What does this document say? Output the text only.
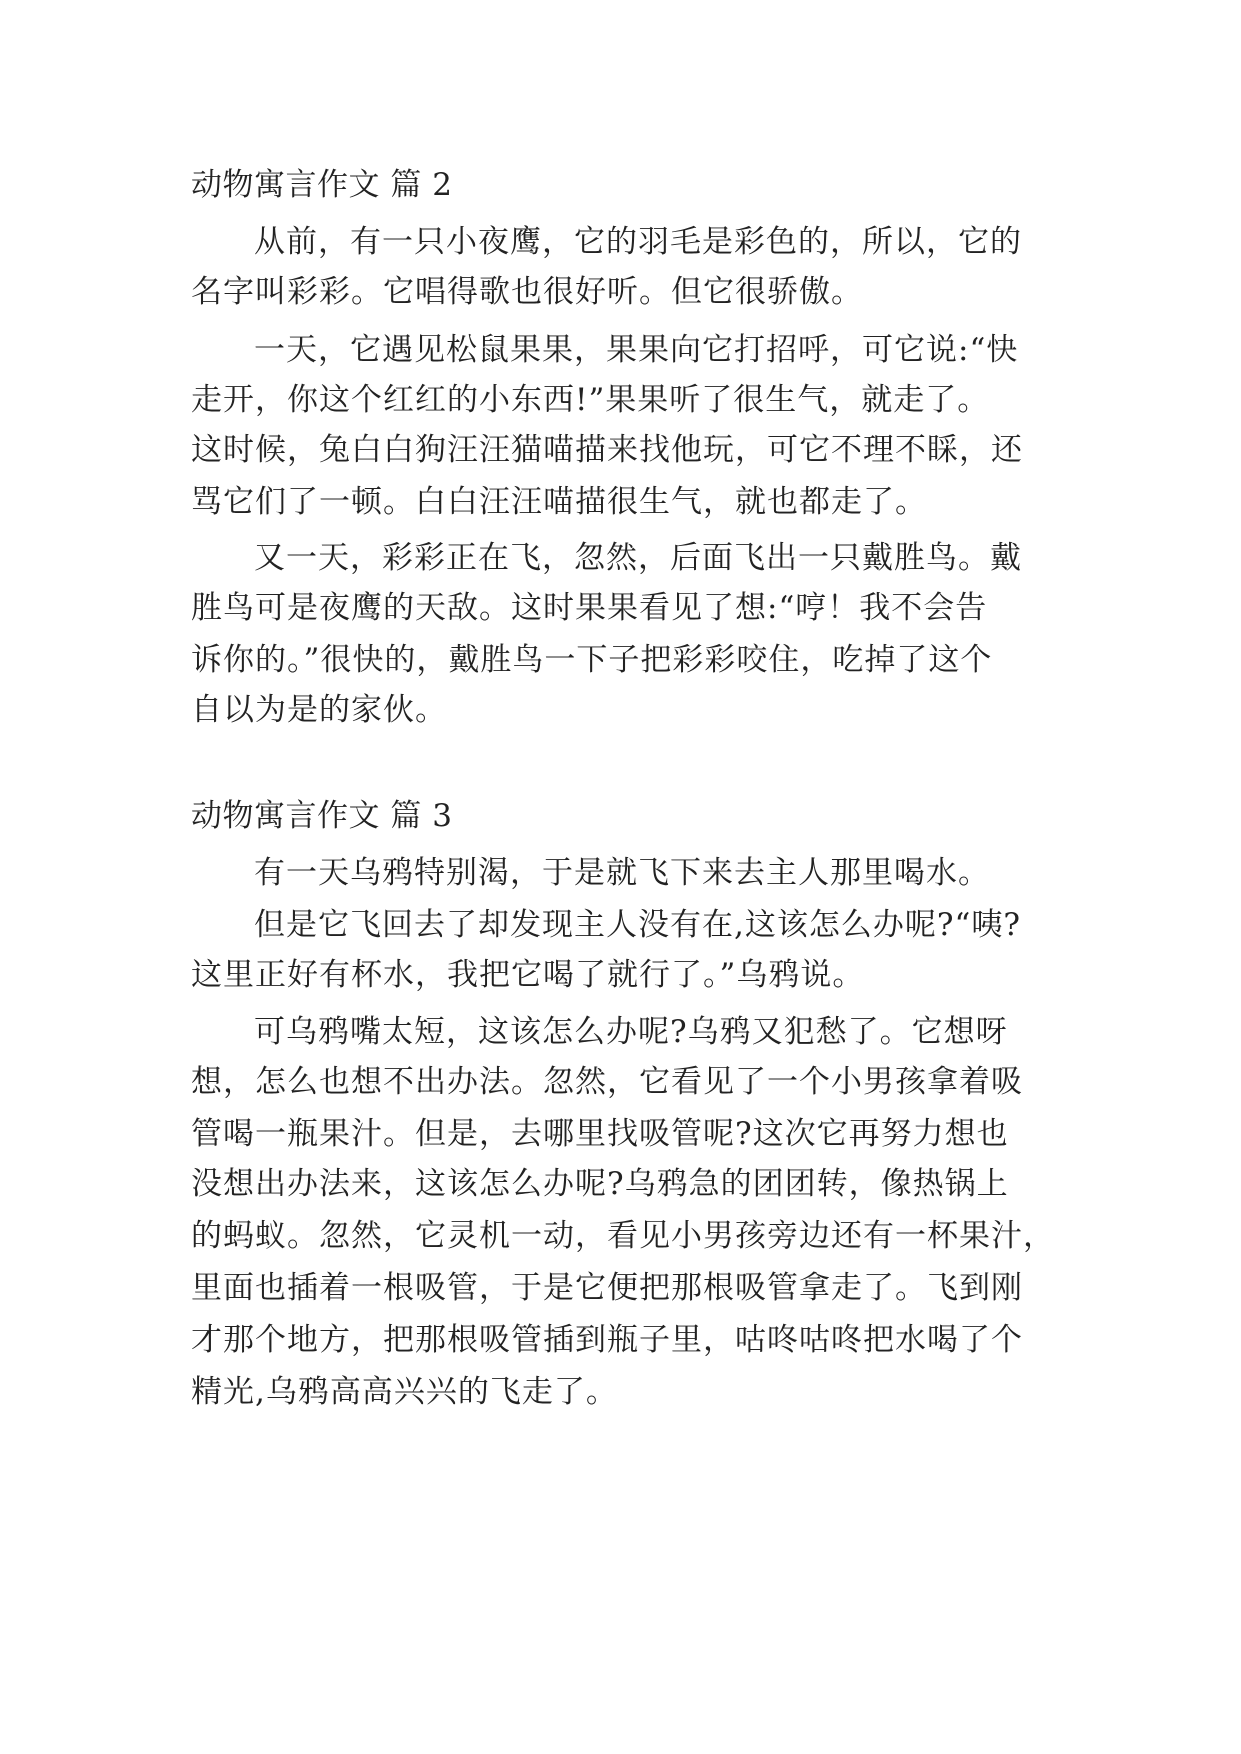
动物寓言作文 篇 2
从前，有一只小夜鹰，它的羽毛是彩色的，所以，它的
名字叫彩彩。它唱得歌也很好听。但它很骄傲。
一天，它遇见松鼠果果，果果向它打招呼，可它说:“快
走开，你这个红红的小东西!”果果听了很生气，就走了。
这时候，兔白白狗汪汪猫喵描来找他玩，可它不理不睬，还
骂它们了一顿。白白汪汪喵描很生气，就也都走了。
又一天，彩彩正在飞，忽然，后面飞出一只戴胜鸟。戴
胜鸟可是夜鹰的天敌。这时果果看见了想:“哼！我不会告
诉你的。”很快的，戴胜鸟一下子把彩彩咬住，吃掉了这个
自以为是的家伙。
动物寓言作文 篇 3
有一天乌鸦特别渴，于是就飞下来去主人那里喝水。
但是它飞回去了却发现主人没有在,这该怎么办呢?“咦?
这里正好有杯水，我把它喝了就行了。”乌鸦说。
可乌鸦嘴太短，这该怎么办呢?乌鸦又犯愁了。它想呀
想，怎么也想不出办法。忽然，它看见了一个小男孩拿着吸
管喝一瓶果汁。但是，去哪里找吸管呢?这次它再努力想也
没想出办法来，这该怎么办呢?乌鸦急的团团转，像热锅上
的蚂蚁。忽然，它灵机一动，看见小男孩旁边还有一杯果汁，
里面也插着一根吸管，于是它便把那根吸管拿走了。飞到刚
才那个地方，把那根吸管插到瓶子里，咕咚咕咚把水喝了个
精光,乌鸦高高兴兴的飞走了。
